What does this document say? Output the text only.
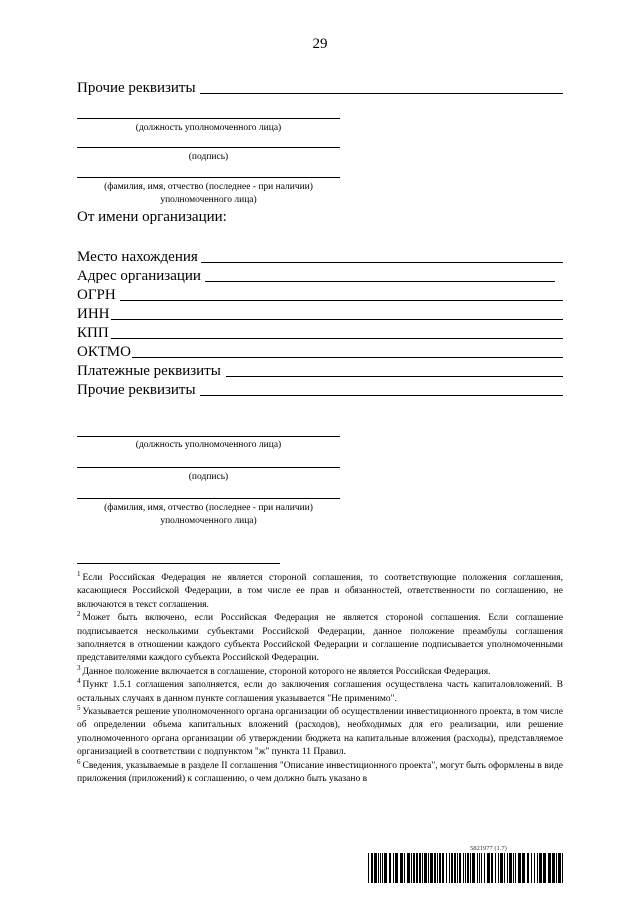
29
Прочие реквизиты
(должность уполномоченного лица)
(подпись)
(фамилия, имя, отчество (последнее - при наличии)
уполномоченного лица)
От имени организации:
Место нахождения
Адрес организации
ОГРН
ИНН
КПП
ОКТМО
Платежные реквизиты
Прочие реквизиты
(должность уполномоченного лица)
(подпись)
(фамилия, имя, отчество (последнее - при наличии)
уполномоченного лица)

$^1$ Если Российская Федерация не является стороной соглашения, то соответствующие положения соглашения, касающиеся Российской Федерации, в том числе ее прав и обязанностей, ответственности по соглашению, не включаются в текст соглашения.

$^2$ Может быть включено, если Российская Федерация не является стороной соглашения. Если соглашение подписывается несколькими субъектами Российской Федерации, данное положение преамбулы соглашения заполняется в отношении каждого субъекта Российской Федерации и соглашение подписывается уполномоченными представителями каждого субъекта Российской Федерации.

$^3$ Данное положение включается в соглашение, стороной которого не является Российская Федерация.

$^4$ Пункт 1.5.1 соглашения заполняется, если до заключения соглашения осуществлена часть капиталовложений. В остальных случаях в данном пункте соглашения указывается "Не применимо".

$^5$ Указывается решение уполномоченного органа организации об осуществлении инвестиционного проекта, в том числе об определении объема капитальных вложений (расходов), необходимых для его реализации, или решение уполномоченного органа организации об утверждении бюджета на капитальные вложения (расходы), представляемое организацией в соответствии с подпунктом "ж" пункта 11 Правил.

$^6$ Сведения, указываемые в разделе II соглашения "Описание инвестиционного проекта", могут быть оформлены в виде приложения (приложений) к соглашению, о чем должно быть указано в

5821977 (1.7)
